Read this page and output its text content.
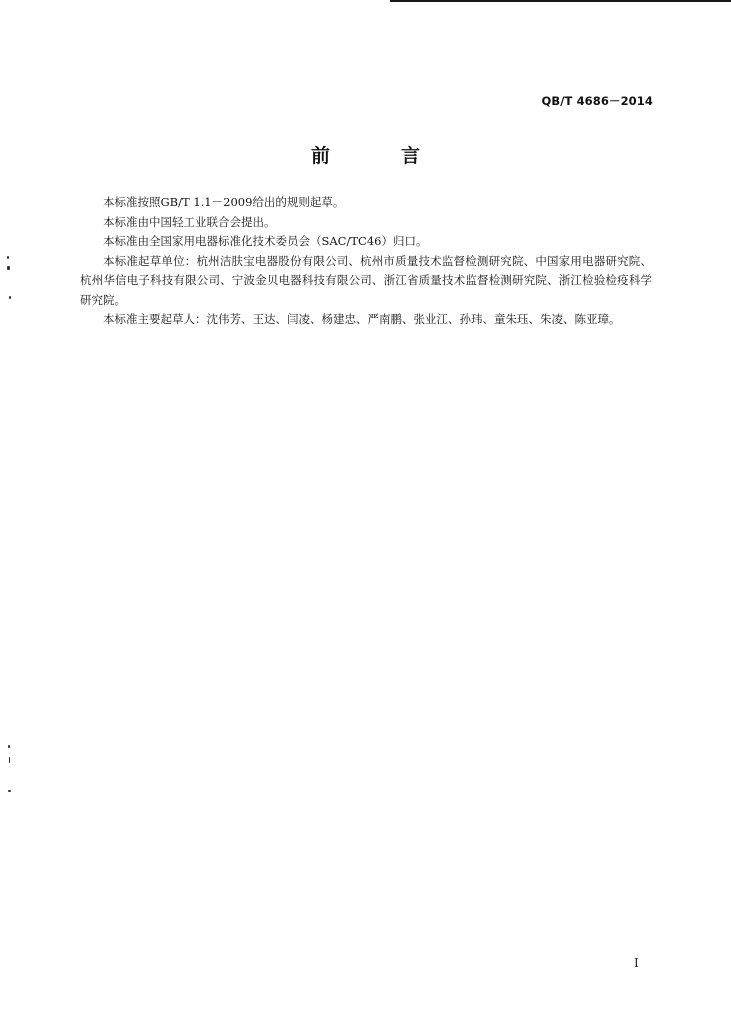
QB/T 4686－2014
前　言

本标准按照GB/T 1.1－2009给出的规则起草。

本标准由中国轻工业联合会提出。

本标准由全国家用电器标准化技术委员会（SAC/TC46）归口。

本标准起草单位：杭州洁肤宝电器股份有限公司、杭州市质量技术监督检测研究院、中国家用电器研究院、杭州华信电子科技有限公司、宁波金贝电器科技有限公司、浙江省质量技术监督检测研究院、浙江检验检疫科学研究院。

本标准主要起草人：沈伟芳、王达、闫凌、杨建忠、严南鹏、张业江、孙玮、童朱珏、朱凌、陈亚璋。

I
